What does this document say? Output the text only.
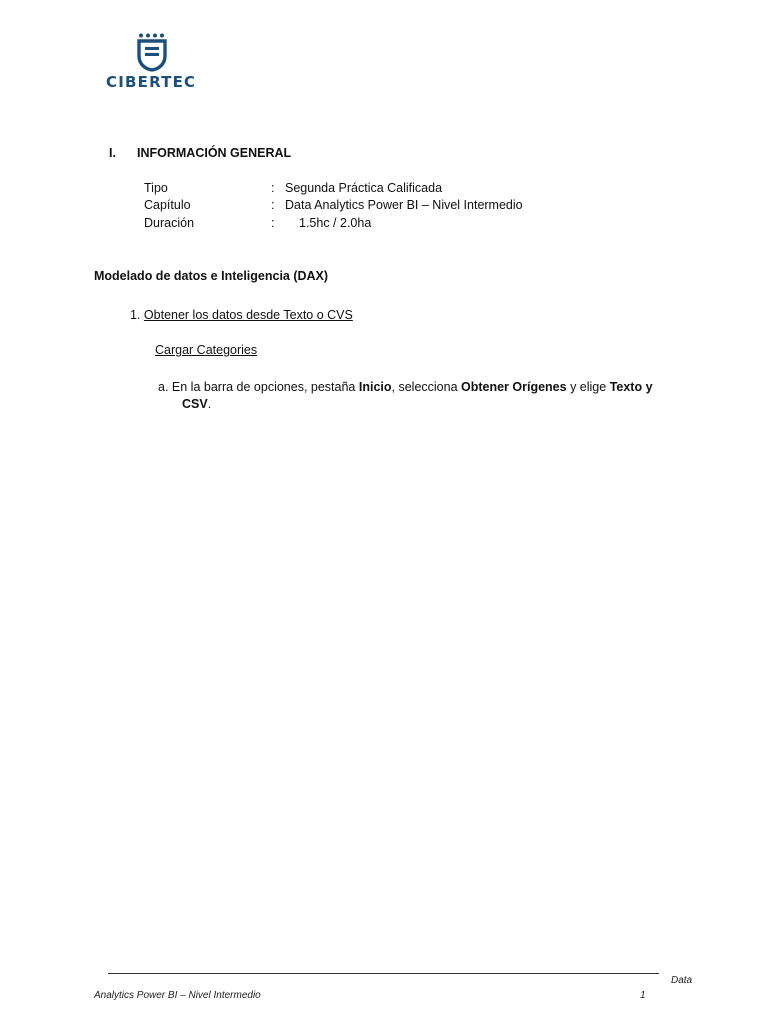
CIBERTEC
I. INFORMACIÓN GENERAL
Tipo	: Segunda Práctica Calificada
Capítulo	: Data Analytics Power BI – Nivel Intermedio
Duración	: 1.5hc / 2.0ha
Modelado de datos e Inteligencia (DAX)
1. Obtener los datos desde Texto o CVS
Cargar Categories
a. En la barra de opciones, pestaña Inicio, selecciona Obtener Orígenes y elige Texto y
CSV.
Data
Analytics Power BI – Nivel Intermedio	1
